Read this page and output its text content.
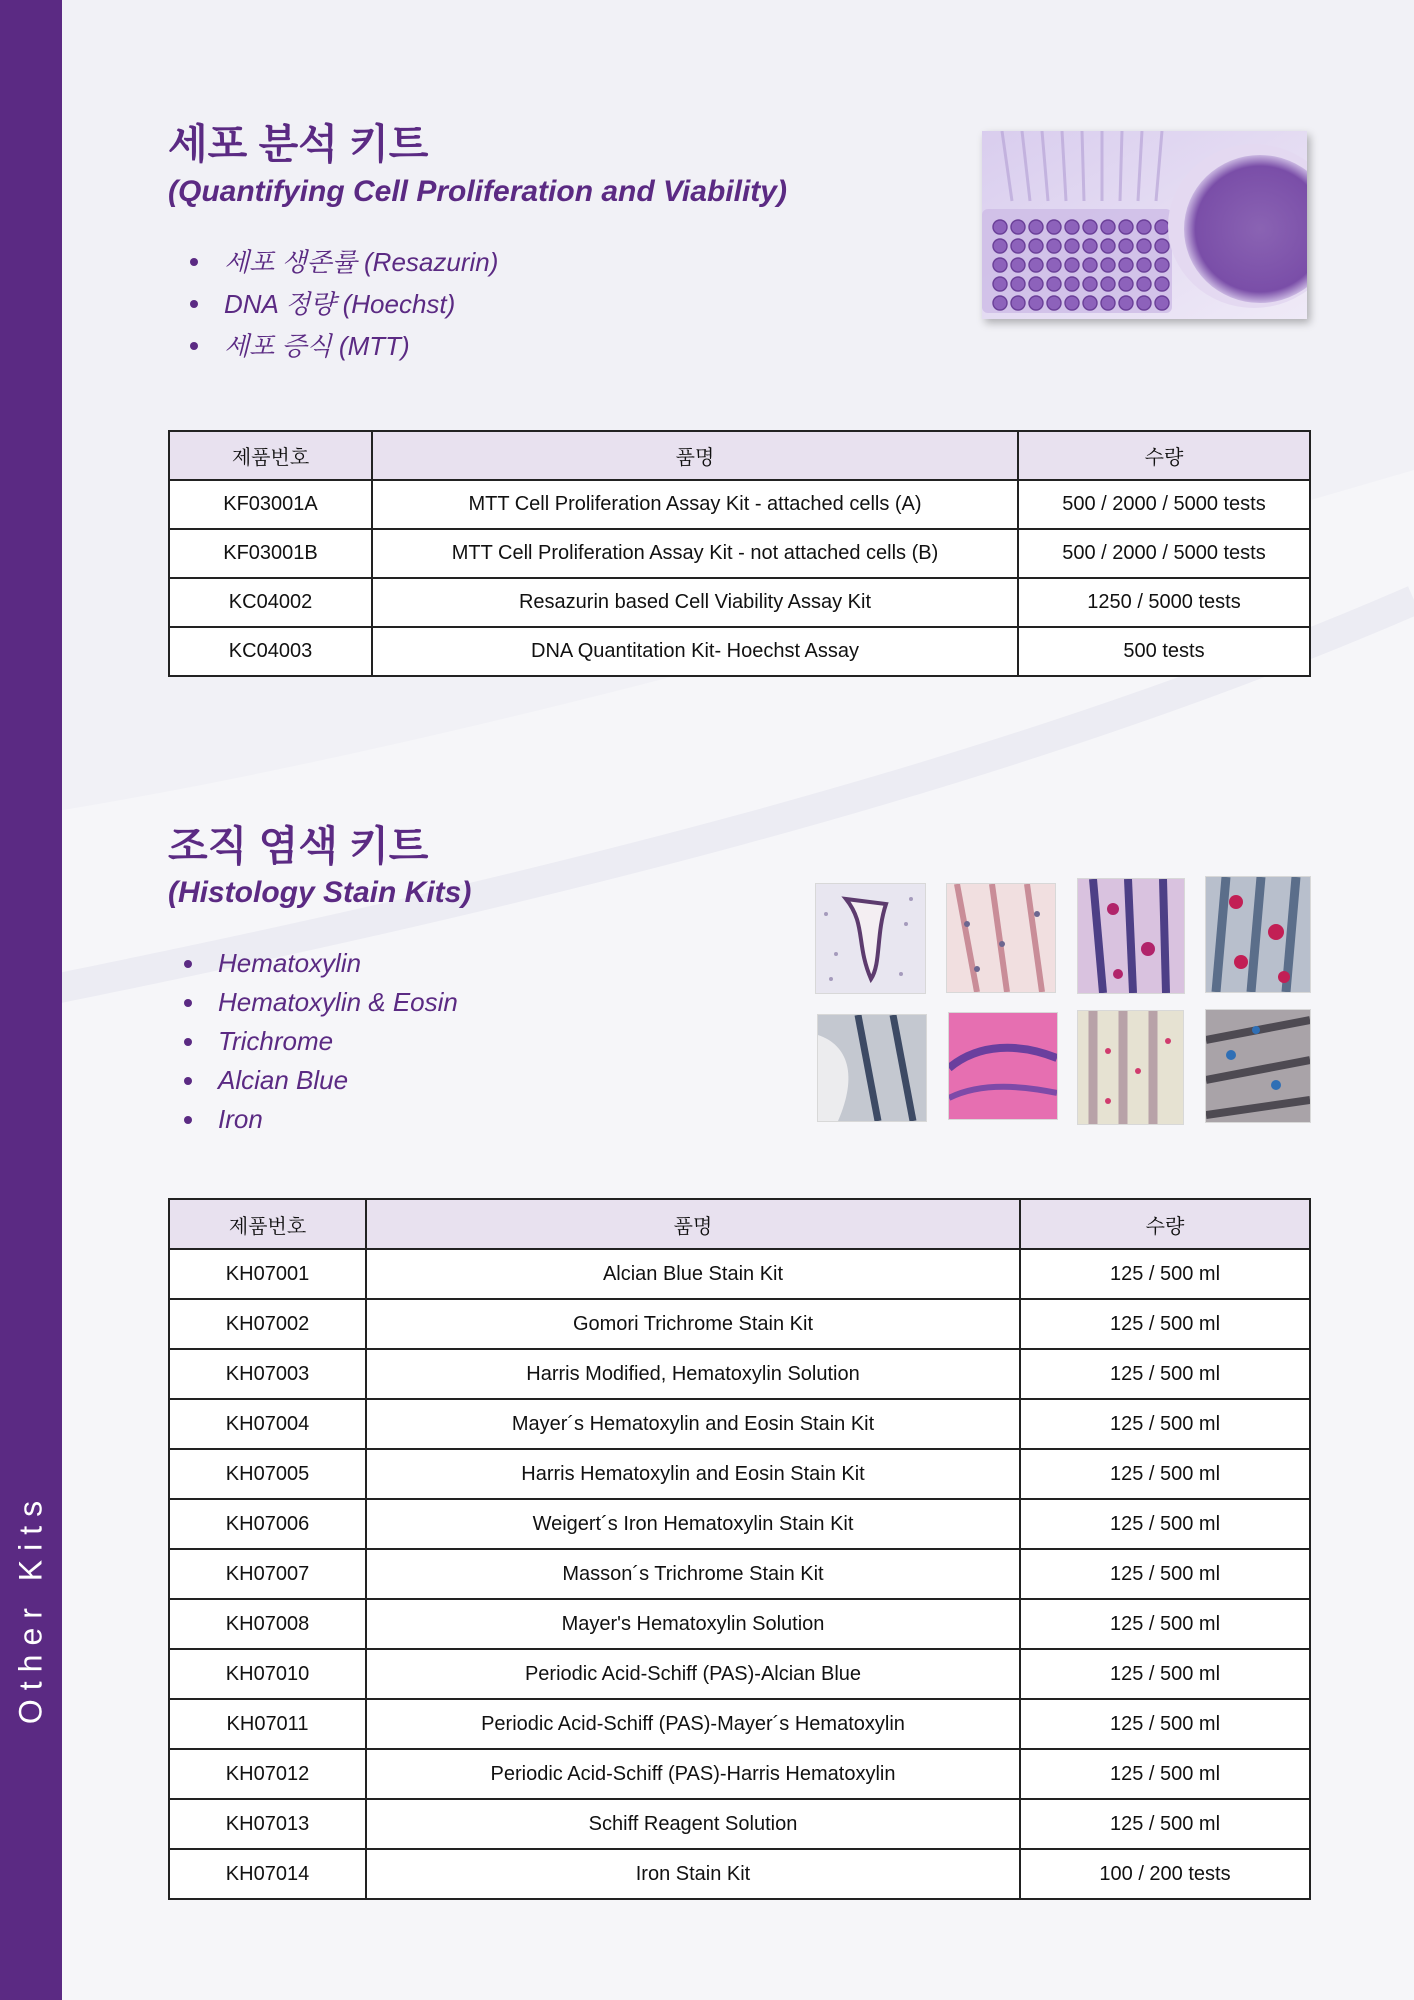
Other Kits
세포 분석 키트
(Quantifying Cell Proliferation and Viability)
세포 생존률 (Resazurin)
DNA 정량 (Hoechst)
세포 증식 (MTT)
제품번호	품명	수량
KF03001A	MTT Cell Proliferation Assay Kit - attached cells (A)	500 / 2000 / 5000 tests
KF03001B	MTT Cell Proliferation Assay Kit - not attached cells (B)	500 / 2000 / 5000 tests
KC04002	Resazurin based Cell Viability Assay Kit	1250 / 5000 tests
KC04003	DNA Quantitation Kit- Hoechst Assay	500 tests
조직 염색 키트
(Histology Stain Kits)
Hematoxylin
Hematoxylin & Eosin
Trichrome
Alcian Blue
Iron
제품번호	품명	수량
KH07001	Alcian Blue Stain Kit	125 / 500 ml
KH07002	Gomori Trichrome Stain Kit	125 / 500 ml
KH07003	Harris Modified, Hematoxylin Solution	125 / 500 ml
KH07004	Mayer´s Hematoxylin and Eosin Stain Kit	125 / 500 ml
KH07005	Harris Hematoxylin and Eosin Stain Kit	125 / 500 ml
KH07006	Weigert´s Iron Hematoxylin Stain Kit	125 / 500 ml
KH07007	Masson´s Trichrome Stain Kit	125 / 500 ml
KH07008	Mayer's Hematoxylin Solution	125 / 500 ml
KH07010	Periodic Acid-Schiff (PAS)-Alcian Blue	125 / 500 ml
KH07011	Periodic Acid-Schiff (PAS)-Mayer´s Hematoxylin	125 / 500 ml
KH07012	Periodic Acid-Schiff (PAS)-Harris Hematoxylin	125 / 500 ml
KH07013	Schiff Reagent Solution	125 / 500 ml
KH07014	Iron Stain Kit	100 / 200 tests
